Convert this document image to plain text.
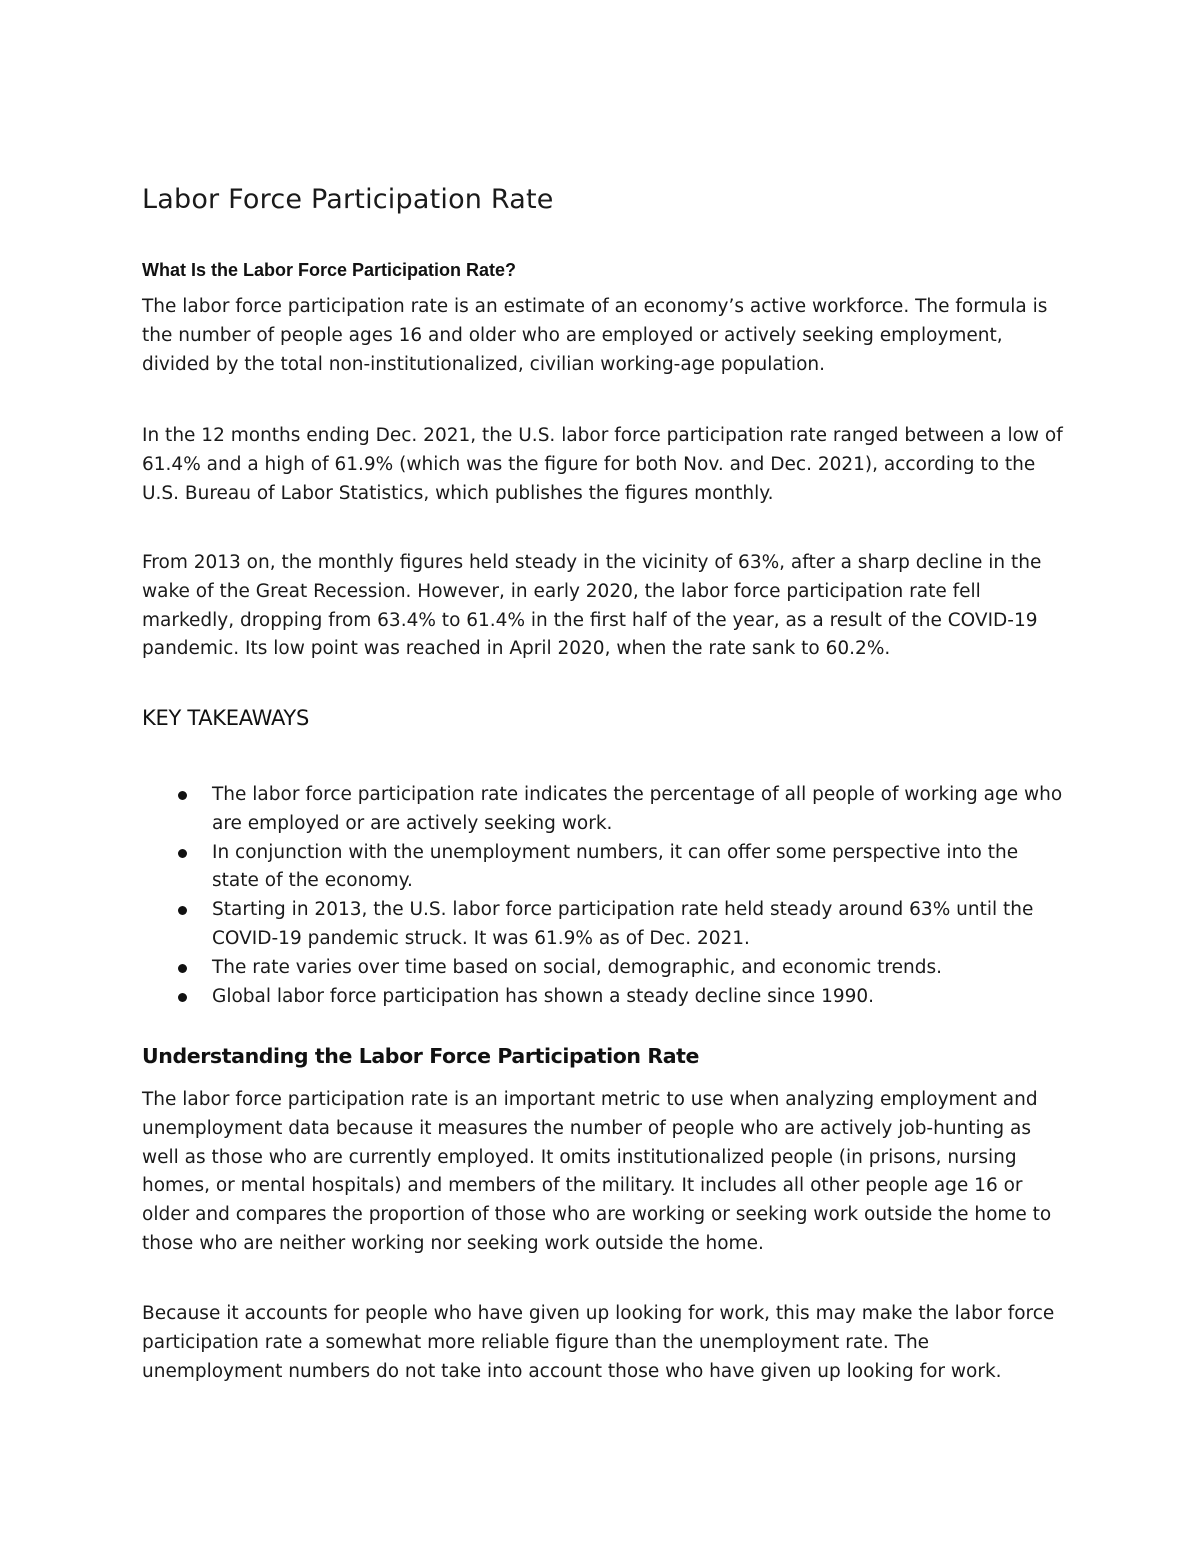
Labor Force Participation Rate
What Is the Labor Force Participation Rate?

The labor force participation rate is an estimate of an economy’s active workforce. The formula is the number of people ages 16 and older who are employed or actively seeking employment, divided by the total non-institutionalized, civilian working-age population.

In the 12 months ending Dec. 2021, the U.S. labor force participation rate ranged between a low of 61.4% and a high of 61.9% (which was the figure for both Nov. and Dec. 2021), according to the U.S. Bureau of Labor Statistics, which publishes the figures monthly.

From 2013 on, the monthly figures held steady in the vicinity of 63%, after a sharp decline in the wake of the Great Recession. However, in early 2020, the labor force participation rate fell markedly, dropping from 63.4% to 61.4% in the first half of the year, as a result of the COVID-19 pandemic. Its low point was reached in April 2020, when the rate sank to 60.2%.

KEY TAKEAWAYS
The labor force participation rate indicates the percentage of all people of working age who are employed or are actively seeking work.
In conjunction with the unemployment numbers, it can offer some perspective into the state of the economy.
Starting in 2013, the U.S. labor force participation rate held steady around 63% until the COVID-19 pandemic struck. It was 61.9% as of Dec. 2021.
The rate varies over time based on social, demographic, and economic trends.
Global labor force participation has shown a steady decline since 1990.
Understanding the Labor Force Participation Rate

The labor force participation rate is an important metric to use when analyzing employment and unemployment data because it measures the number of people who are actively job-hunting as well as those who are currently employed. It omits institutionalized people (in prisons, nursing homes, or mental hospitals) and members of the military. It includes all other people age 16 or older and compares the proportion of those who are working or seeking work outside the home to those who are neither working nor seeking work outside the home.

Because it accounts for people who have given up looking for work, this may make the labor force participation rate a somewhat more reliable figure than the unemployment rate. The unemployment numbers do not take into account those who have given up looking for work.
